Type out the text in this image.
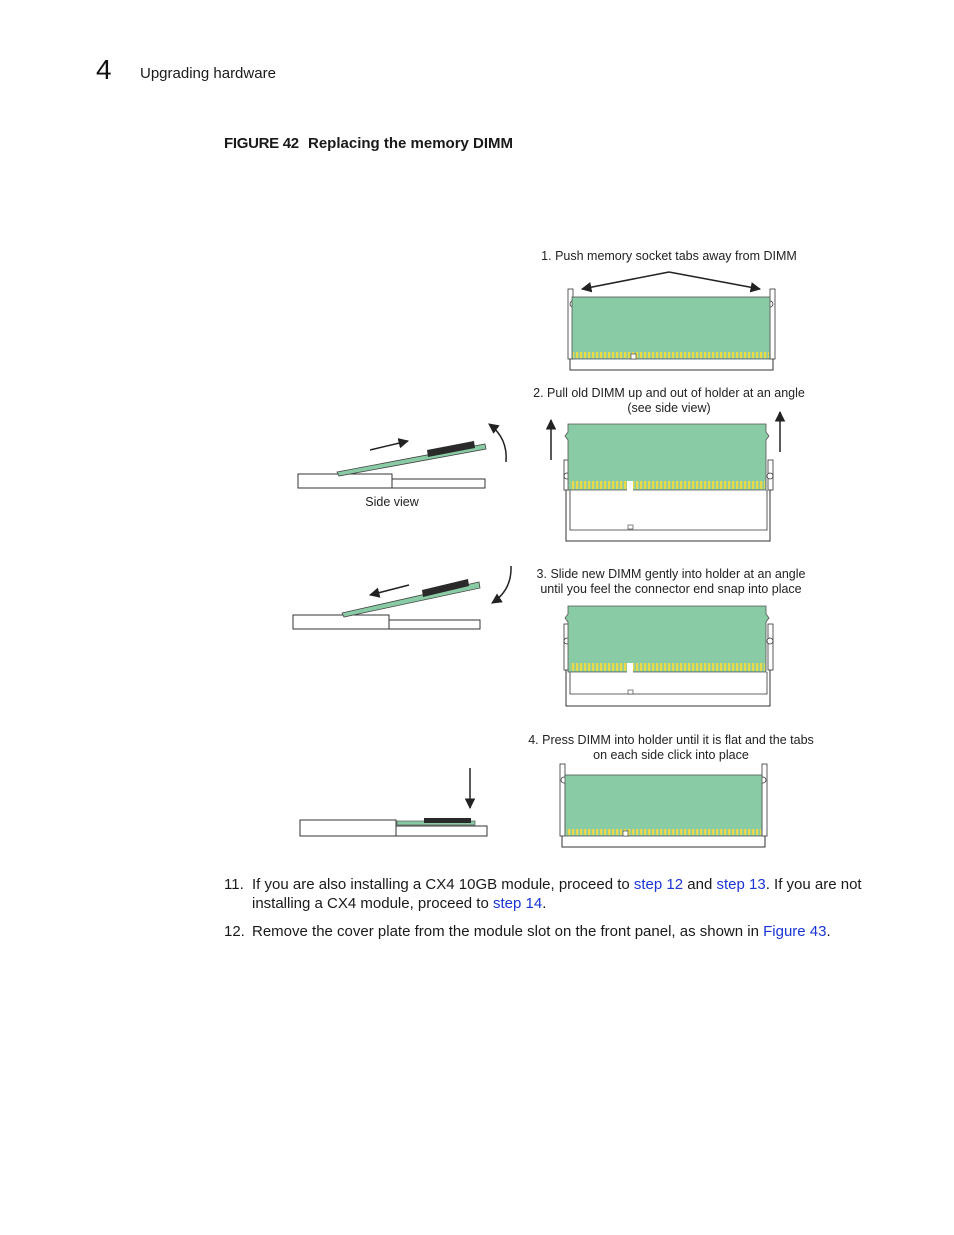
4 Upgrading hardware
FIGURE 42 Replacing the memory DIMM
1. Push memory socket tabs away from DIMM
2. Pull old DIMM up and out of holder at an angle
(see side view)
Side view
3. Slide new DIMM gently into holder at an angle
until you feel the connector end snap into place
4. Press DIMM into holder until it is flat and the tabs
on each side click into place
11. If you are also installing a CX4 10GB module, proceed to step 12 and step 13. If you are not installing a CX4 module, proceed to step 14.
12. Remove the cover plate from the module slot on the front panel, as shown in Figure 43.
